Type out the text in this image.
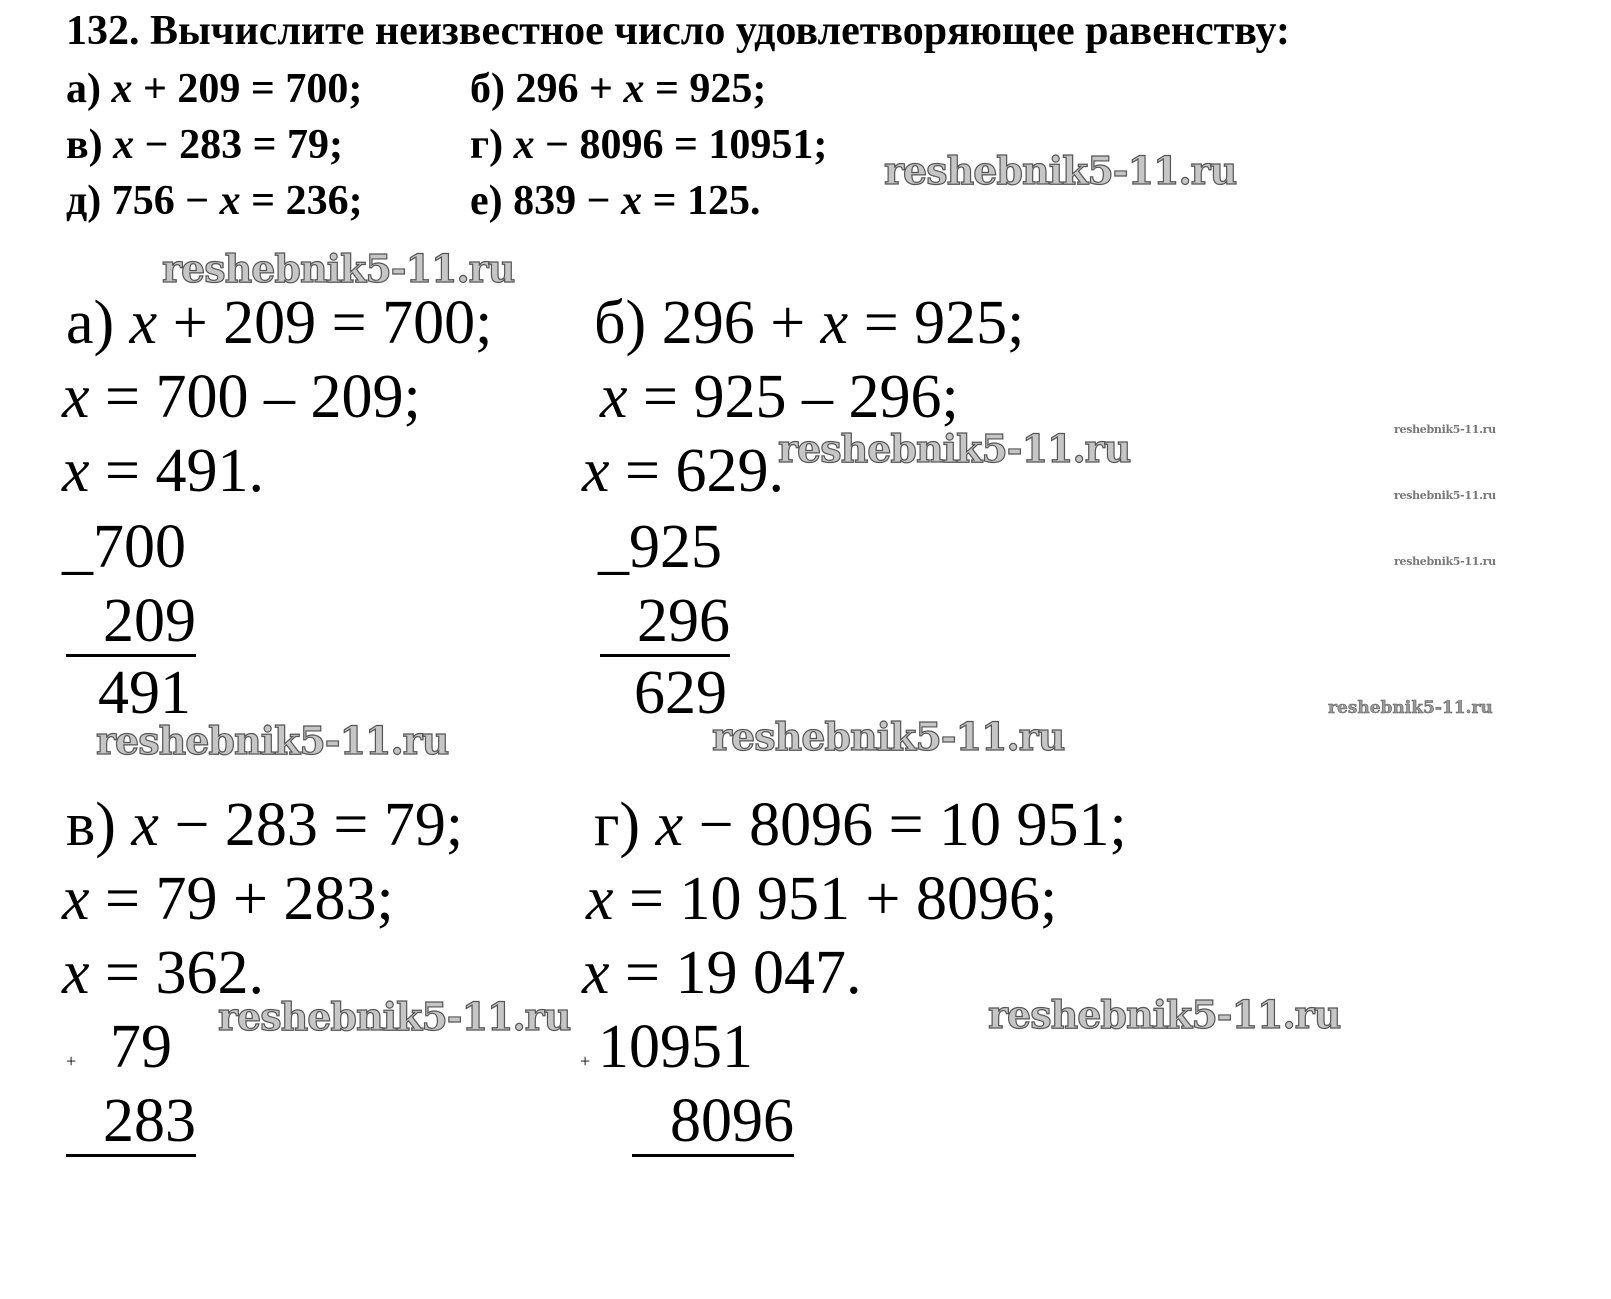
132. Вычислите неизвестное число удовлетворяющее равенству:
а) x + 209 = 700;	б) 296 + x = 925;
в) x − 283 = 79;	г) x − 8096 = 10951;
д) 756 − x = 236;	е) 839 − x = 125.
а) x + 209 = 700;
x = 700 – 209;
x = 491.
_700
209
491
б) 296 + x = 925;
x = 925 – 296;
x = 629.
_925
296
629
в) x − 283 = 79;
x = 79 + 283;
x = 362.
+ 79
283
г) x − 8096 = 10 951;
x = 10 951 + 8096;
x = 19 047.
+ 10951
8096
reshebnik5-11.ru
reshebnik5-11.ru
reshebnik5-11.ru
reshebnik5-11.ru	reshebnik5-11.ru
reshebnik5-11.ru	reshebnik5-11.ru
reshebnik5-11.ru
reshebnik5-11.ru
reshebnik5-11.ru
reshebnik5-11.ru
